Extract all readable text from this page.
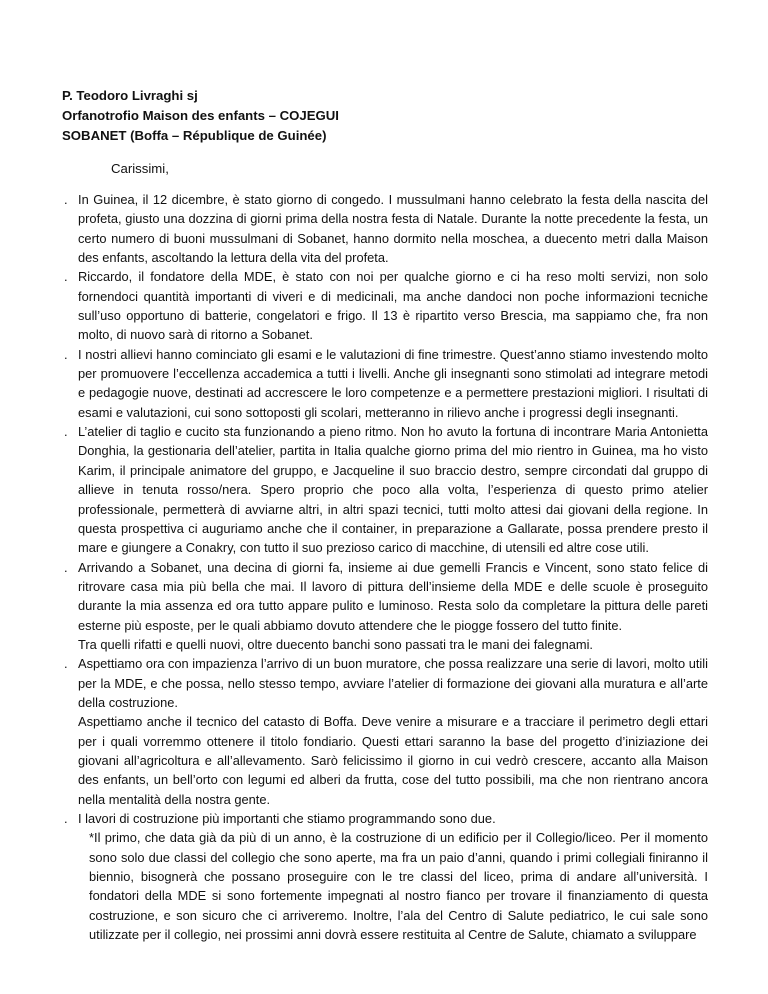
P. Teodoro Livraghi sj
Orfanotrofio Maison des enfants – COJEGUI
SOBANET (Boffa – République de Guinée)
Carissimi,
. In Guinea, il 12 dicembre, è stato giorno di congedo. I mussulmani hanno celebrato la festa della nascita del profeta, giusto una dozzina di giorni prima della nostra festa di Natale. Durante la notte precedente la festa, un certo numero di buoni mussulmani di Sobanet, hanno dormito nella moschea, a duecento metri dalla Maison des enfants, ascoltando la lettura della vita del profeta.

. Riccardo, il fondatore della MDE, è stato con noi per qualche giorno e ci ha reso molti servizi, non solo fornendoci quantità importanti di viveri e di medicinali, ma anche dandoci non poche informazioni tecniche sull’uso opportuno di batterie, congelatori e frigo. Il 13 è ripartito verso Brescia, ma sappiamo che, fra non molto, di nuovo sarà di ritorno a Sobanet.

. I nostri allievi hanno cominciato gli esami e le valutazioni di fine trimestre. Quest’anno stiamo investendo molto per promuovere l’eccellenza accademica a tutti i livelli. Anche gli insegnanti sono stimolati ad integrare metodi e pedagogie nuove, destinati ad accrescere le loro competenze e a permettere prestazioni migliori. I risultati di esami e valutazioni, cui sono sottoposti gli scolari, metteranno in rilievo anche i progressi degli insegnanti.

. L’atelier di taglio e cucito sta funzionando a pieno ritmo. Non ho avuto la fortuna di incontrare Maria Antonietta Donghia, la gestionaria dell’atelier, partita in Italia qualche giorno prima del mio rientro in Guinea, ma ho visto Karim, il principale animatore del gruppo, e Jacqueline il suo braccio destro, sempre circondati dal gruppo di allieve in tenuta rosso/nera. Spero proprio che poco alla volta, l’esperienza di questo primo atelier professionale, permetterà di avviarne altri, in altri spazi tecnici, tutti molto attesi dai giovani della regione. In questa prospettiva ci auguriamo anche che il container, in preparazione a Gallarate, possa prendere presto il mare e giungere a Conakry, con tutto il suo prezioso carico di macchine, di utensili ed altre cose utili.

. Arrivando a Sobanet, una decina di giorni fa, insieme ai due gemelli Francis e Vincent, sono stato felice di ritrovare casa mia più bella che mai. Il lavoro di pittura dell’insieme della MDE e delle scuole è proseguito durante la mia assenza ed ora tutto appare pulito e luminoso. Resta solo da completare la pittura delle pareti esterne più esposte, per le quali abbiamo dovuto attendere che le piogge fossero del tutto finite.

Tra quelli rifatti e quelli nuovi, oltre duecento banchi sono passati tra le mani dei falegnami.

. Aspettiamo ora con impazienza l’arrivo di un buon muratore, che possa realizzare una serie di lavori, molto utili per la MDE, e che possa, nello stesso tempo, avviare l’atelier di formazione dei giovani alla muratura e all’arte della costruzione.

Aspettiamo anche il tecnico del catasto di Boffa. Deve venire a misurare e a tracciare il perimetro degli ettari per i quali vorremmo ottenere il titolo fondiario. Questi ettari saranno la base del progetto d’iniziazione dei giovani all’agricoltura e all’allevamento. Sarò felicissimo il giorno in cui vedrò crescere, accanto alla Maison des enfants, un bell’orto con legumi ed alberi da frutta, cose del tutto possibili, ma che non rientrano ancora nella mentalità della nostra gente.

. I lavori di costruzione più importanti che stiamo programmando sono due.

*Il primo, che data già da più di un anno, è la costruzione di un edificio per il Collegio/liceo. Per il momento sono solo due classi del collegio che sono aperte, ma fra un paio d’anni, quando i primi collegiali finiranno il biennio, bisognerà che possano proseguire con le tre classi del liceo, prima di andare all’università. I fondatori della MDE si sono fortemente impegnati al nostro fianco per trovare il finanziamento di questa costruzione, e son sicuro che ci arriveremo. Inoltre, l’ala del Centro di Salute pediatrico, le cui sale sono utilizzate per il collegio, nei prossimi anni dovrà essere restituita al Centre de Salute, chiamato a sviluppare
